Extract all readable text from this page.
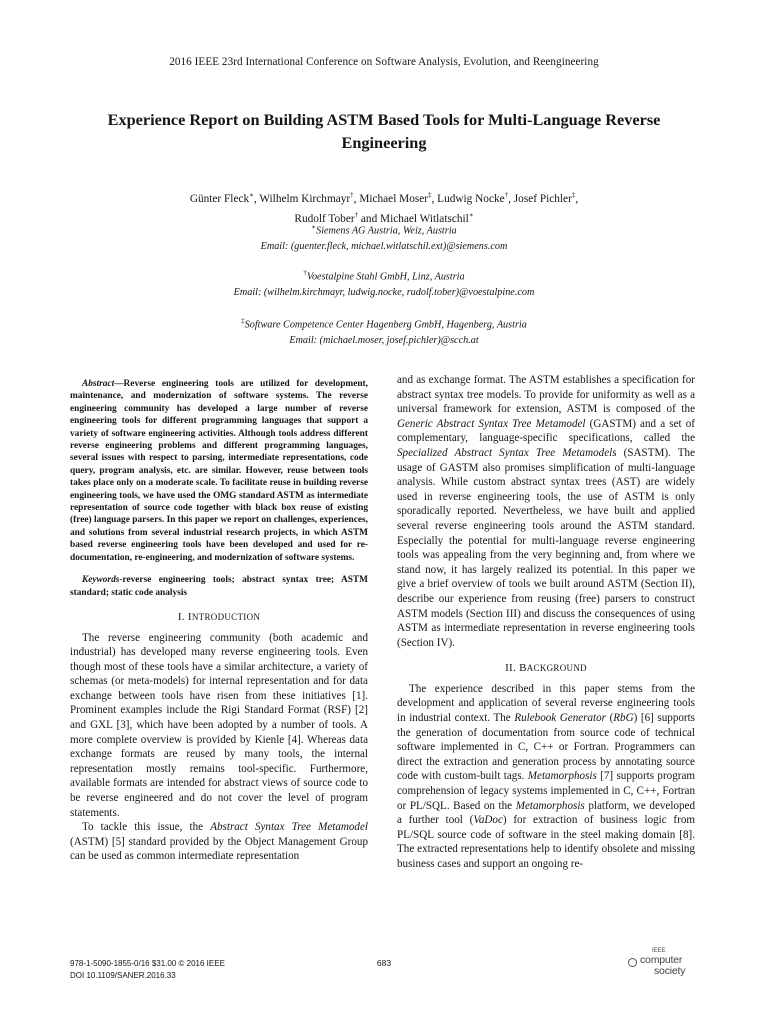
2016 IEEE 23rd International Conference on Software Analysis, Evolution, and Reengineering
Experience Report on Building ASTM Based Tools for Multi-Language Reverse Engineering
Günter Fleck∗, Wilhelm Kirchmayr†, Michael Moser‡, Ludwig Nocke†, Josef Pichler‡,
Rudolf Tober† and Michael Witlatschil∗
∗Siemens AG Austria, Weiz, Austria
Email: (guenter.fleck, michael.witlatschil.ext)@siemens.com
†Voestalpine Stahl GmbH, Linz, Austria
Email: (wilhelm.kirchmayr, ludwig.nocke, rudolf.tober)@voestalpine.com
‡Software Competence Center Hagenberg GmbH, Hagenberg, Austria
Email: (michael.moser, josef.pichler)@scch.at

Abstract—Reverse engineering tools are utilized for development, maintenance, and modernization of software systems. The reverse engineering community has developed a large number of reverse engineering tools for different programming languages that support a variety of software engineering activities. Although tools address different reverse engineering problems and different programming languages, several issues with respect to parsing, intermediate representations, code query, program analysis, etc. are similar. However, reuse between tools takes place only on a moderate scale. To facilitate reuse in building reverse engineering tools, we have used the OMG standard ASTM as intermediate representation of source code together with black box reuse of existing (free) language parsers. In this paper we report on challenges, experiences, and solutions from several industrial research projects, in which ASTM based reverse engineering tools have been developed and used for re-documentation, re-engineering, and modernization of software systems.

Keywords-reverse engineering tools; abstract syntax tree; ASTM standard; static code analysis

I. INTRODUCTION

The reverse engineering community (both academic and industrial) has developed many reverse engineering tools. Even though most of these tools have a similar architecture, a variety of schemas (or meta-models) for internal representation and for data exchange between tools have risen from these initiatives [1]. Prominent examples include the Rigi Standard Format (RSF) [2] and GXL [3], which have been adopted by a number of tools. A more complete overview is provided by Kienle [4]. Whereas data exchange formats are reused by many tools, the internal representation mostly remains tool-specific. Furthermore, available formats are intended for abstract views of source code to be reverse engineered and do not cover the level of program statements.

To tackle this issue, the Abstract Syntax Tree Metamodel (ASTM) [5] standard provided by the Object Management Group can be used as common intermediate representation

and as exchange format. The ASTM establishes a specification for abstract syntax tree models. To provide for uniformity as well as a universal framework for extension, ASTM is composed of the Generic Abstract Syntax Tree Metamodel (GASTM) and a set of complementary, language-specific specifications, called the Specialized Abstract Syntax Tree Metamodels (SASTM). The usage of GASTM also promises simplification of multi-language analysis. While custom abstract syntax trees (AST) are widely used in reverse engineering tools, the use of ASTM is only sporadically reported. Nevertheless, we have built and applied several reverse engineering tools around the ASTM standard. Especially the potential for multi-language reverse engineering tools was appealing from the very beginning and, from where we stand now, it has largely realized its potential. In this paper we give a brief overview of tools we built around ASTM (Section II), describe our experience from reusing (free) parsers to construct ASTM models (Section III) and discuss the consequences of using ASTM as intermediate representation in reverse engineering tools (Section IV).

II. BACKGROUND

The experience described in this paper stems from the development and application of several reverse engineering tools in industrial context. The Rulebook Generator (RbG) [6] supports the generation of documentation from source code of technical software implemented in C, C++ or Fortran. Programmers can direct the extraction and generation process by annotating source code with custom-built tags. Metamorphosis [7] supports program comprehension of legacy systems implemented in C, C++, Fortran or PL/SQL. Based on the Metamorphosis platform, we developed a further tool (VaDoc) for extraction of business logic from PL/SQL source code of software in the steel making domain [8]. The extracted representations help to identify obsolete and missing business cases and support an ongoing re-

978-1-5090-1855-0/16 $31.00 © 2016 IEEE
DOI 10.1109/SANER.2016.33
683
IEEE
computer
society
